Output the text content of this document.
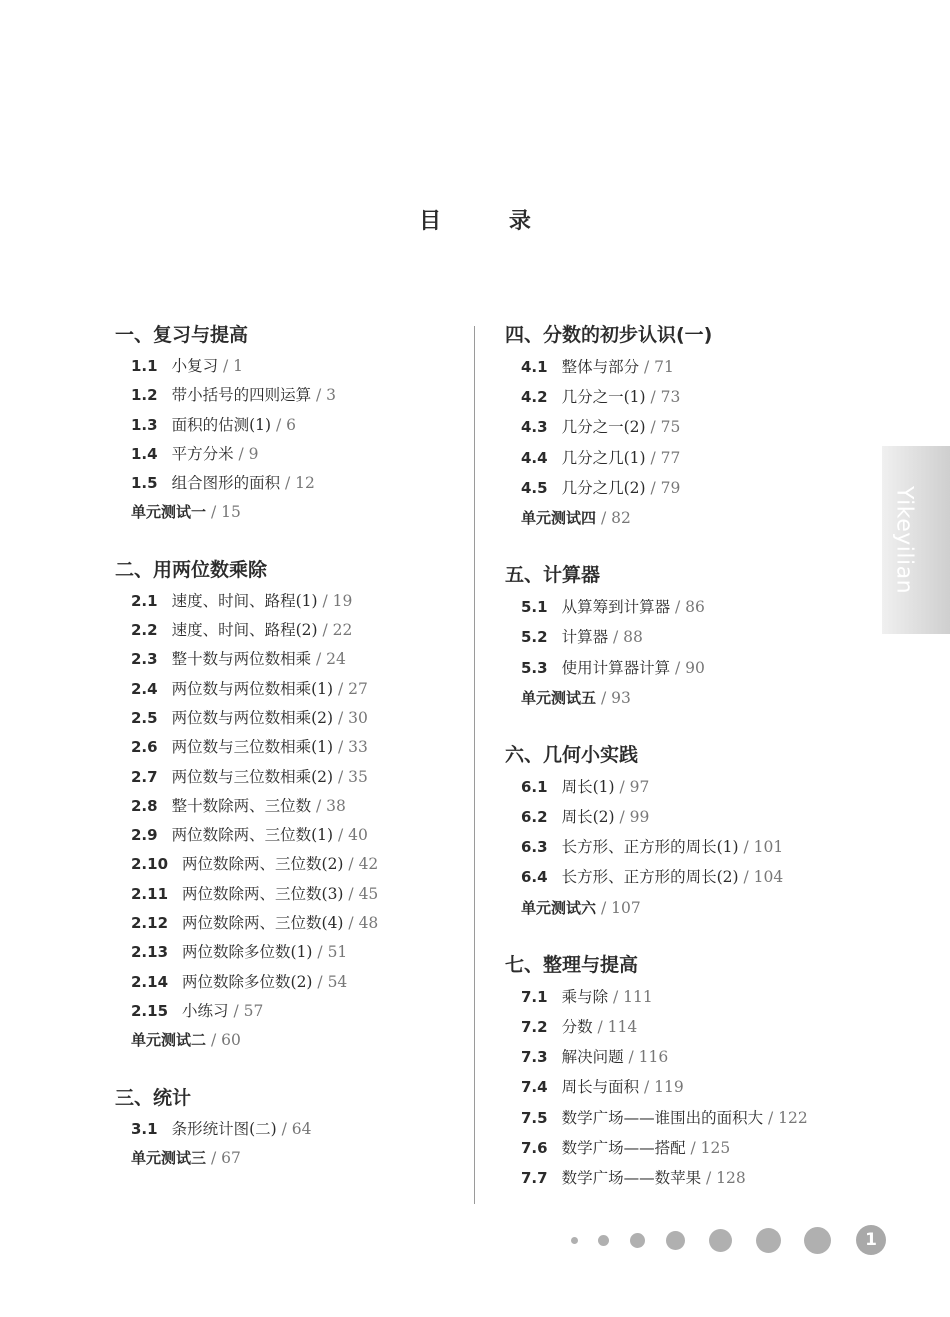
目 录
一、复习与提高
1.1 小复习 / 1
1.2 带小括号的四则运算 / 3
1.3 面积的估测(1) / 6
1.4 平方分米 / 9
1.5 组合图形的面积 / 12
单元测试一 / 15
二、用两位数乘除
2.1 速度、时间、路程(1) / 19
2.2 速度、时间、路程(2) / 22
2.3 整十数与两位数相乘 / 24
2.4 两位数与两位数相乘(1) / 27
2.5 两位数与两位数相乘(2) / 30
2.6 两位数与三位数相乘(1) / 33
2.7 两位数与三位数相乘(2) / 35
2.8 整十数除两、三位数 / 38
2.9 两位数除两、三位数(1) / 40
2.10 两位数除两、三位数(2) / 42
2.11 两位数除两、三位数(3) / 45
2.12 两位数除两、三位数(4) / 48
2.13 两位数除多位数(1) / 51
2.14 两位数除多位数(2) / 54
2.15 小练习 / 57
单元测试二 / 60
三、统计
3.1 条形统计图(二) / 64
单元测试三 / 67
四、分数的初步认识(一)
4.1 整体与部分 / 71
4.2 几分之一(1) / 73
4.3 几分之一(2) / 75
4.4 几分之几(1) / 77
4.5 几分之几(2) / 79
单元测试四 / 82
五、计算器
5.1 从算筹到计算器 / 86
5.2 计算器 / 88
5.3 使用计算器计算 / 90
单元测试五 / 93
六、几何小实践
6.1 周长(1) / 97
6.2 周长(2) / 99
6.3 长方形、正方形的周长(1) / 101
6.4 长方形、正方形的周长(2) / 104
单元测试六 / 107
七、整理与提高
7.1 乘与除 / 111
7.2 分数 / 114
7.3 解决问题 / 116
7.4 周长与面积 / 119
7.5 数学广场——谁围出的面积大 / 122
7.6 数学广场——搭配 / 125
7.7 数学广场——数苹果 / 128
Yikeyilian
1
